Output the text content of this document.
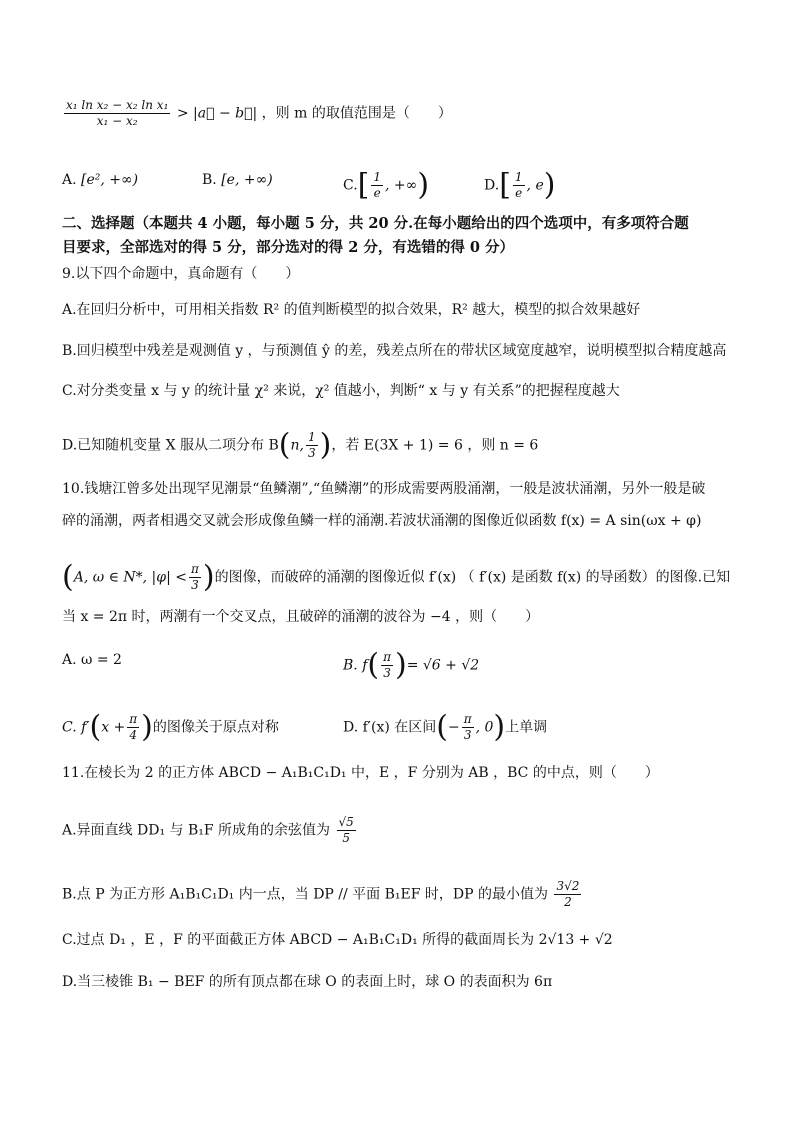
$\frac{\text{x₁ ln x₂ − x₂ ln x₁}}{\text{x₁ − x₂}}$ > |a⃗ − b⃗| ，则 m 的取值范围是（　　）
A. [e², +∞)	B. [e, +∞)	$C.[ \frac{1}{e}$ , +∞)	$D.[ \frac{1}{e}$ , e)
二、选择题（本题共 4 小题，每小题 5 分，共 20 分.在每小题给出的四个选项中，有多项符合题
目要求，全部选对的得 5 分，部分选对的得 2 分，有选错的得 0 分）
9.以下四个命题中，真命题有（　　）
A.在回归分析中，可用相关指数 R² 的值判断模型的拟合效果，R² 越大，模型的拟合效果越好
B.回归模型中残差是观测值 y ，与预测值 ŷ 的差，残差点所在的带状区域宽度越窄，说明模型拟合精度越高
C.对分类变量 x 与 y 的统计量 χ² 来说，χ² 值越小，判断“ x 与 y 有关系”的把握程度越大
D.已知随机变量 X 服从二项分布 B(n, $\frac{1}{3}$ )，若 E(3X + 1) = 6 ，则 n = 6
10.钱塘江曾多处出现罕见潮景“鱼鳞潮”,“鱼鳞潮”的形成需要两股涌潮，一般是波状涌潮，另外一般是破
碎的涌潮，两者相遇交叉就会形成像鱼鳞一样的涌潮.若波状涌潮的图像近似函数 f(x) = A sin(ωx + φ)
(A, ω ∈ N*, $|\varphi| < \frac{\pi}{3}$ )的图像，而破碎的涌潮的图像近似 f′(x) （ f′(x) 是函数 f(x) 的导函数）的图像.已知
当 x = 2π 时，两潮有一个交叉点，且破碎的涌潮的波谷为 −4 ，则（　　）
A. ω = 2	B. $f( \frac{\pi}{3}$ )= √6 + √2
C. $f'(x + \frac{\pi}{4}$ )的图像关于原点对称	D. f′(x) 在区间(− $\frac{\pi}{3}$ , 0)上单调
11.在棱长为 2 的正方体 ABCD − A₁B₁C₁D₁ 中，E ，F 分别为 AB ，BC 的中点，则（　　）
A.异面直线 DD₁ 与 B₁F 所成角的余弦值为 $\frac{√5}{5}$
B.点 P 为正方形 A₁B₁C₁D₁ 内一点，当 DP // 平面 B₁EF 时，DP 的最小值为 $\frac{3√2}{2}$
C.过点 D₁ ，E ，F 的平面截正方体 ABCD − A₁B₁C₁D₁ 所得的截面周长为 2√13 + √2
D.当三棱锥 B₁ − BEF 的所有顶点都在球 O 的表面上时，球 O 的表面积为 6π
